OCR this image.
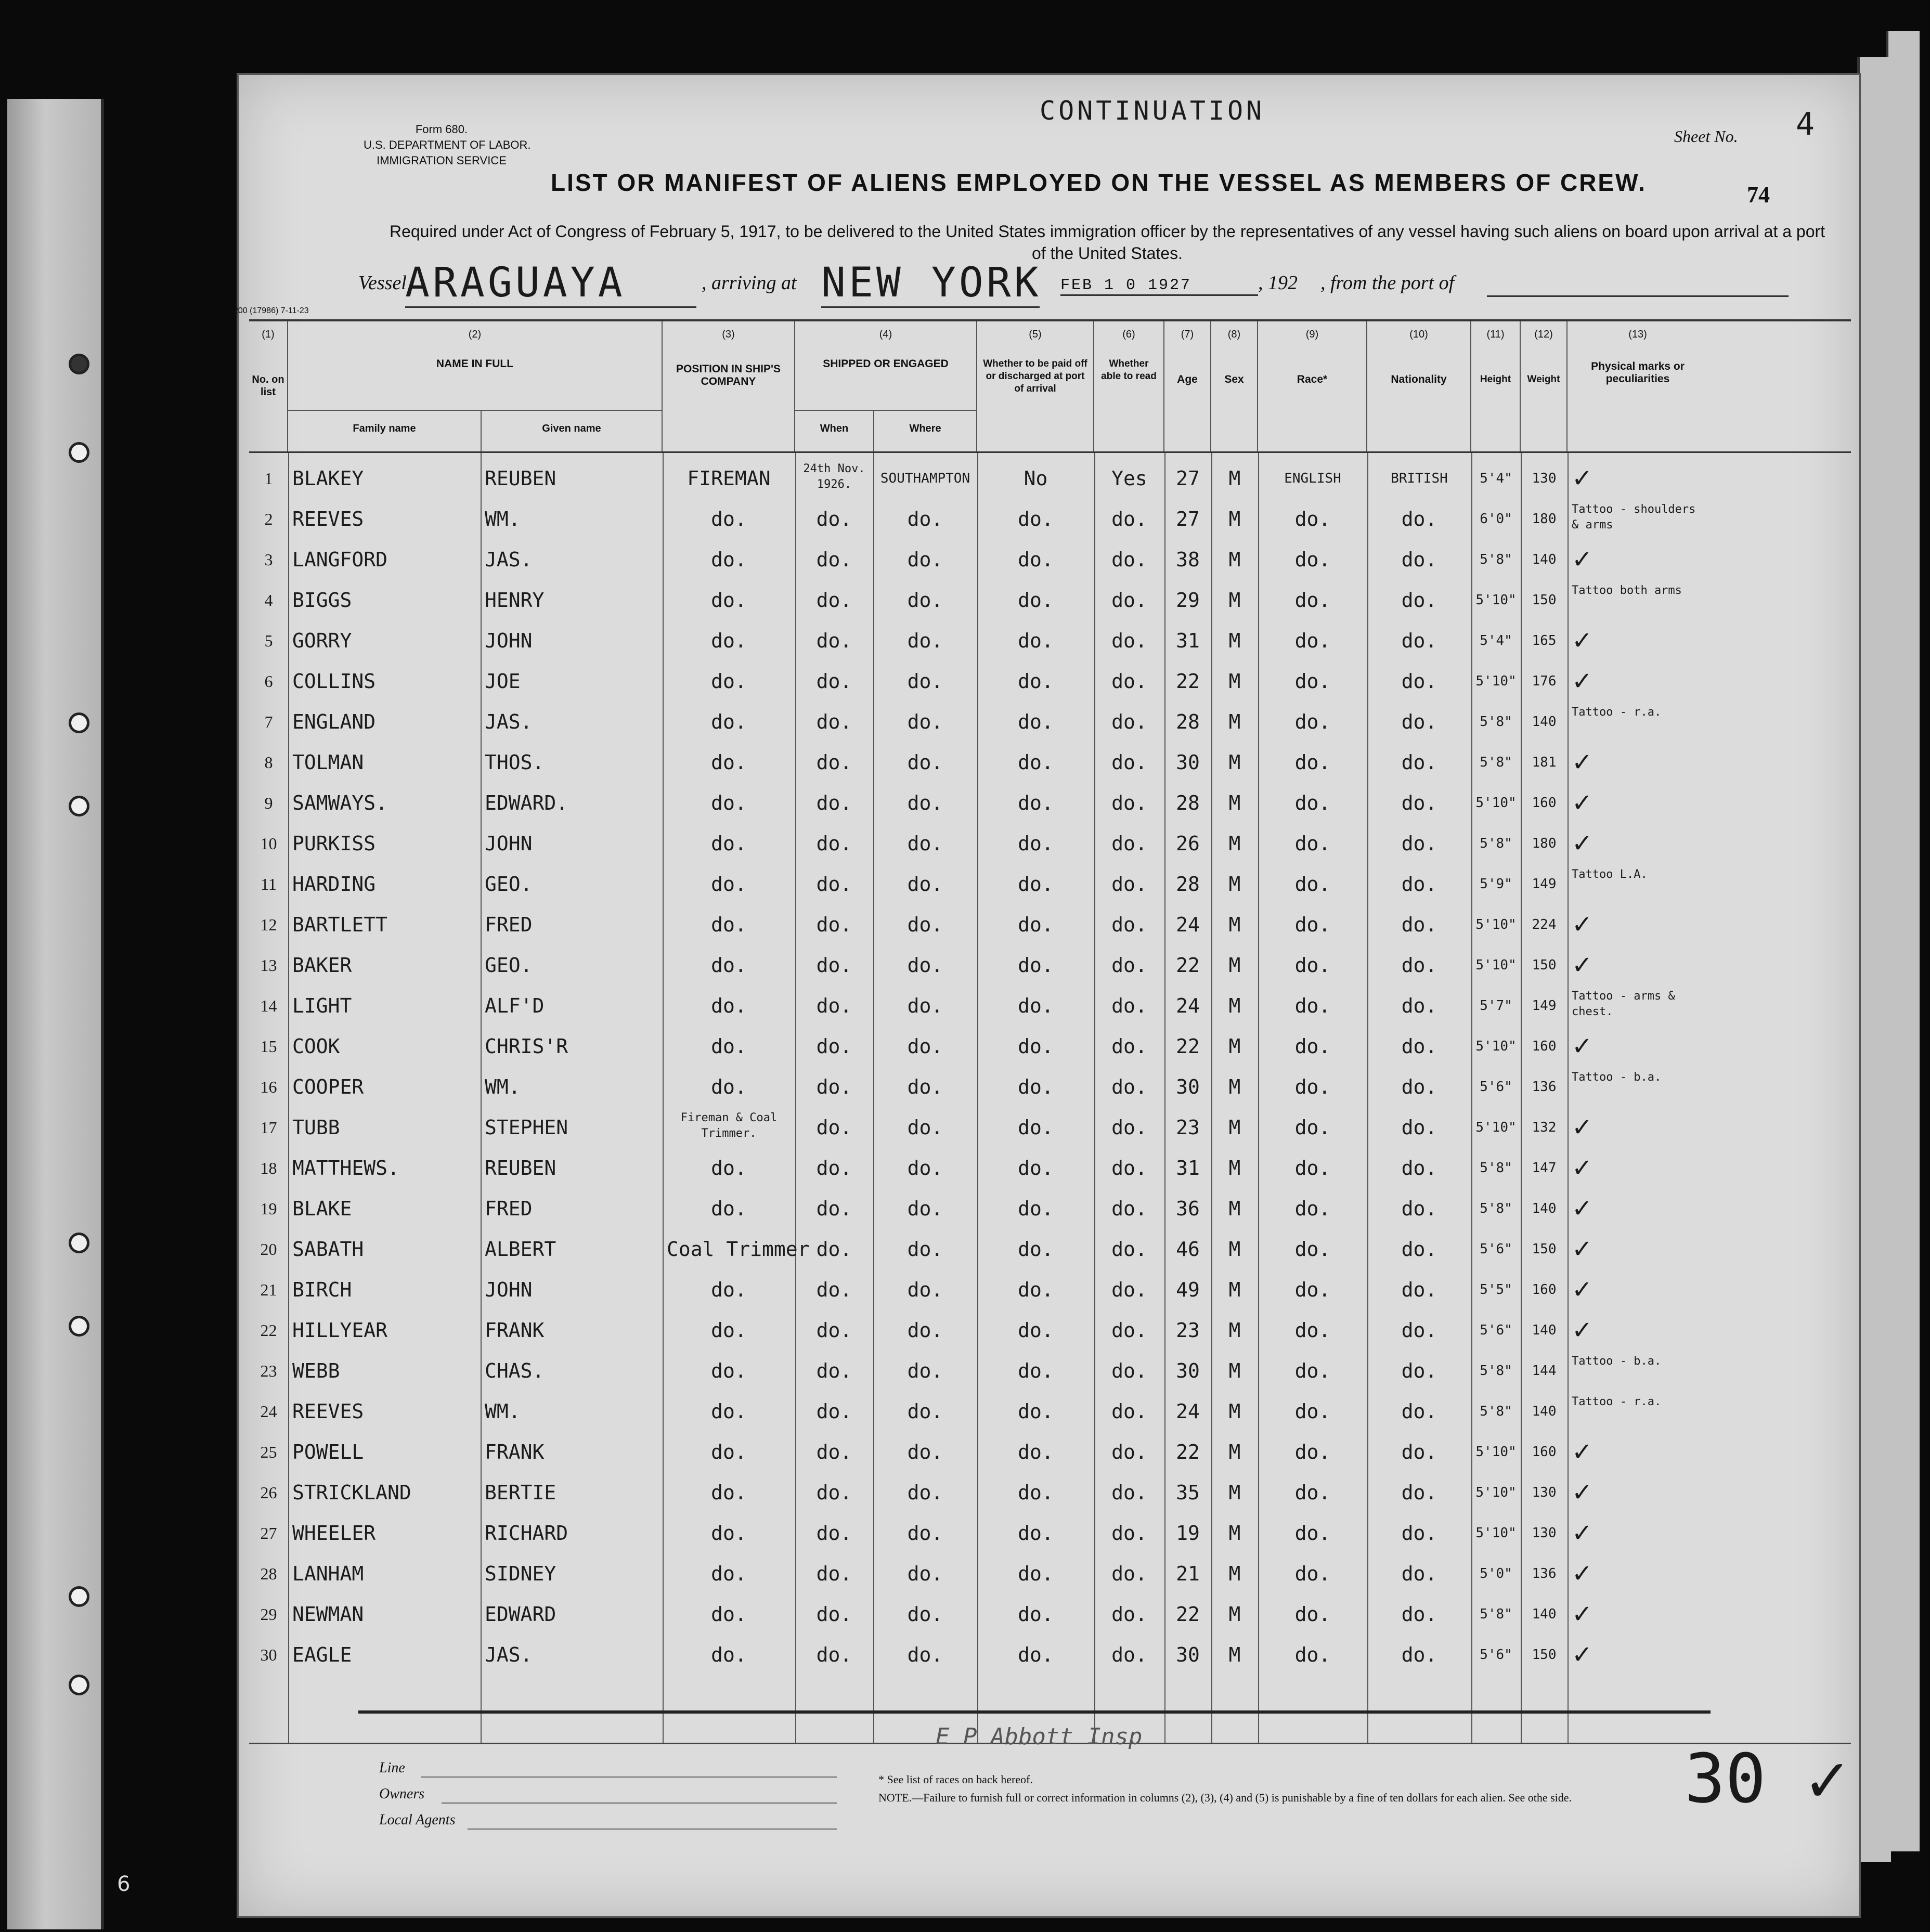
6
Form 680.
U.S. DEPARTMENT OF LABOR.
IMMIGRATION SERVICE
CONTINUATION
Sheet No.	4
74
LIST OR MANIFEST OF ALIENS EMPLOYED ON THE VESSEL AS MEMBERS OF CREW.
Required under Act of Congress of February 5, 1917, to be delivered to the United States immigration officer by the representatives of any vessel having such aliens on board upon arrival at a port of the United States.
Vessel
ARAGUAYA	, arriving at NEW YORK FEB 1 0 1927	, 192 , from the port of
200 (17986) 7-11-23
(1)
No. on list
(2)
NAME IN FULL
Family name	Given name
(3)
POSITION IN SHIP'S COMPANY
(4)
SHIPPED OR ENGAGED
When	Where
(5)
Whether to be paid off or discharged at port of arrival
(6)
Whether able to read
(7)
Age
(8)
Sex
(9)
Race*
(10)
Nationality
(11)
Height
(12)
Weight
(13)
Physical marks or peculiarities
1 BLAKEY	REUBEN	FIREMAN	24th Nov. 1926.	SOUTHAMPTON	No	Yes	27	M	ENGLISH	BRITISH	5'4"	130 ✓
2 REEVES	WM.	do.	do.	do.	do.	do.	27	M	do.	do.	6'0"	180
Tattoo - shoulders & arms
3 LANGFORD	JAS.	do.	do.	do.	do.	do.	38	M	do.	do.	5'8"	140 ✓
4 BIGGS	HENRY	do.	do.	do.	do.	do.	29	M	do.	do.	5'10"	150
Tattoo both arms
5 GORRY	JOHN	do.	do.	do.	do.	do.	31	M	do.	do.	5'4"	165 ✓
6 COLLINS	JOE	do.	do.	do.	do.	do.	22	M	do.	do.	5'10"	176 ✓
7 ENGLAND	JAS.	do.	do.	do.	do.	do.	28	M	do.	do.	5'8"	140
Tattoo - r.a.
8 TOLMAN	THOS.	do.	do.	do.	do.	do.	30	M	do.	do.	5'8"	181 ✓
9 SAMWAYS.	EDWARD.	do.	do.	do.	do.	do.	28	M	do.	do.	5'10"	160 ✓
10 PURKISS	JOHN	do.	do.	do.	do.	do.	26	M	do.	do.	5'8"	180 ✓
11 HARDING	GEO.	do.	do.	do.	do.	do.	28	M	do.	do.	5'9"	149
Tattoo L.A.
12 BARTLETT	FRED	do.	do.	do.	do.	do.	24	M	do.	do.	5'10"	224 ✓
13 BAKER	GEO.	do.	do.	do.	do.	do.	22	M	do.	do.	5'10"	150 ✓
14 LIGHT	ALF'D	do.	do.	do.	do.	do.	24	M	do.	do.	5'7"	149
Tattoo - arms & chest.
15 COOK	CHRIS'R	do.	do.	do.	do.	do.	22	M	do.	do.	5'10"	160 ✓
16 COOPER	WM.	do.	do.	do.	do.	do.	30	M	do.	do.	5'6"	136
Tattoo - b.a.
17 TUBB	STEPHEN	Fireman & Coal Trimmer.	do.	do.	do.	do.	23	M	do.	do.	5'10"	132 ✓
18 MATTHEWS.	REUBEN	do.	do.	do.	do.	do.	31	M	do.	do.	5'8"	147 ✓
19 BLAKE	FRED	do.	do.	do.	do.	do.	36	M	do.	do.	5'8"	140 ✓
20 SABATH	ALBERT	Coal Trimmer do.	do.	do.	do.	46	M	do.	do.	5'6"	150 ✓
21 BIRCH	JOHN	do.	do.	do.	do.	do.	49	M	do.	do.	5'5"	160 ✓
22 HILLYEAR	FRANK	do.	do.	do.	do.	do.	23	M	do.	do.	5'6"	140 ✓
23 WEBB	CHAS.	do.	do.	do.	do.	do.	30	M	do.	do.	5'8"	144
Tattoo - b.a.
24 REEVES	WM.	do.	do.	do.	do.	do.	24	M	do.	do.	5'8"	140
Tattoo - r.a.
25 POWELL	FRANK	do.	do.	do.	do.	do.	22	M	do.	do.	5'10"	160 ✓
26 STRICKLAND	BERTIE	do.	do.	do.	do.	do.	35	M	do.	do.	5'10"	130 ✓
27 WHEELER	RICHARD	do.	do.	do.	do.	do.	19	M	do.	do.	5'10"	130 ✓
28 LANHAM	SIDNEY	do.	do.	do.	do.	do.	21	M	do.	do.	5'0"	136 ✓
29 NEWMAN	EDWARD	do.	do.	do.	do.	do.	22	M	do.	do.	5'8"	140 ✓
30 EAGLE	JAS.	do.	do.	do.	do.	do.	30	M	do.	do.	5'6"	150 ✓
E P Abbott Insp
Line
Owners
Local Agents
* See list of races on back hereof.
NOTE.—Failure to furnish full or correct information in columns (2), (3), (4) and (5) is punishable by a fine of ten dollars for each alien. See othe side. 30 ✓
